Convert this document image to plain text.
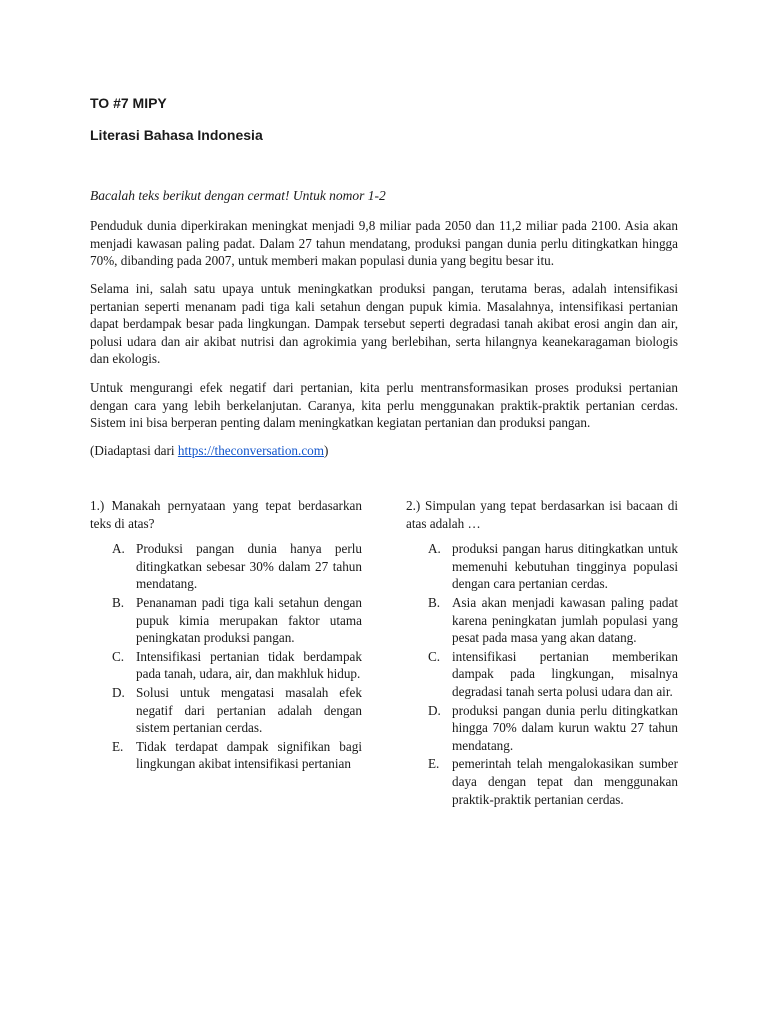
TO #7 MIPY
Literasi Bahasa Indonesia
Bacalah teks berikut dengan cermat! Untuk nomor 1-2
Penduduk dunia diperkirakan meningkat menjadi 9,8 miliar pada 2050 dan 11,2 miliar pada 2100. Asia akan menjadi kawasan paling padat. Dalam 27 tahun mendatang, produksi pangan dunia perlu ditingkatkan hingga 70%, dibanding pada 2007, untuk memberi makan populasi dunia yang begitu besar itu.
Selama ini, salah satu upaya untuk meningkatkan produksi pangan, terutama beras, adalah intensifikasi pertanian seperti menanam padi tiga kali setahun dengan pupuk kimia. Masalahnya, intensifikasi pertanian dapat berdampak besar pada lingkungan. Dampak tersebut seperti degradasi tanah akibat erosi angin dan air, polusi udara dan air akibat nutrisi dan agrokimia yang berlebihan, serta hilangnya keanekaragaman biologis dan ekologis.
Untuk mengurangi efek negatif dari pertanian, kita perlu mentransformasikan proses produksi pertanian dengan cara yang lebih berkelanjutan. Caranya, kita perlu menggunakan praktik-praktik pertanian cerdas. Sistem ini bisa berperan penting dalam meningkatkan kegiatan pertanian dan produksi pangan.
(Diadaptasi dari https://theconversation.com)

1.) Manakah pernyataan yang tepat berdasarkan teks di atas?

A. Produksi pangan dunia hanya perlu ditingkatkan sebesar 30% dalam 27 tahun mendatang.
B. Penanaman padi tiga kali setahun dengan pupuk kimia merupakan faktor utama peningkatan produksi pangan.
C. Intensifikasi pertanian tidak berdampak pada tanah, udara, air, dan makhluk hidup.
D. Solusi untuk mengatasi masalah efek negatif dari pertanian adalah dengan sistem pertanian cerdas.
E. Tidak terdapat dampak signifikan bagi lingkungan akibat intensifikasi pertanian

2.) Simpulan yang tepat berdasarkan isi bacaan di atas adalah …

A. produksi pangan harus ditingkatkan untuk memenuhi kebutuhan tingginya populasi dengan cara pertanian cerdas.
B. Asia akan menjadi kawasan paling padat karena peningkatan jumlah populasi yang pesat pada masa yang akan datang.
C. intensifikasi pertanian memberikan dampak pada lingkungan, misalnya degradasi tanah serta polusi udara dan air.
D. produksi pangan dunia perlu ditingkatkan hingga 70% dalam kurun waktu 27 tahun mendatang.
E. pemerintah telah mengalokasikan sumber daya dengan tepat dan menggunakan praktik-praktik pertanian cerdas.
